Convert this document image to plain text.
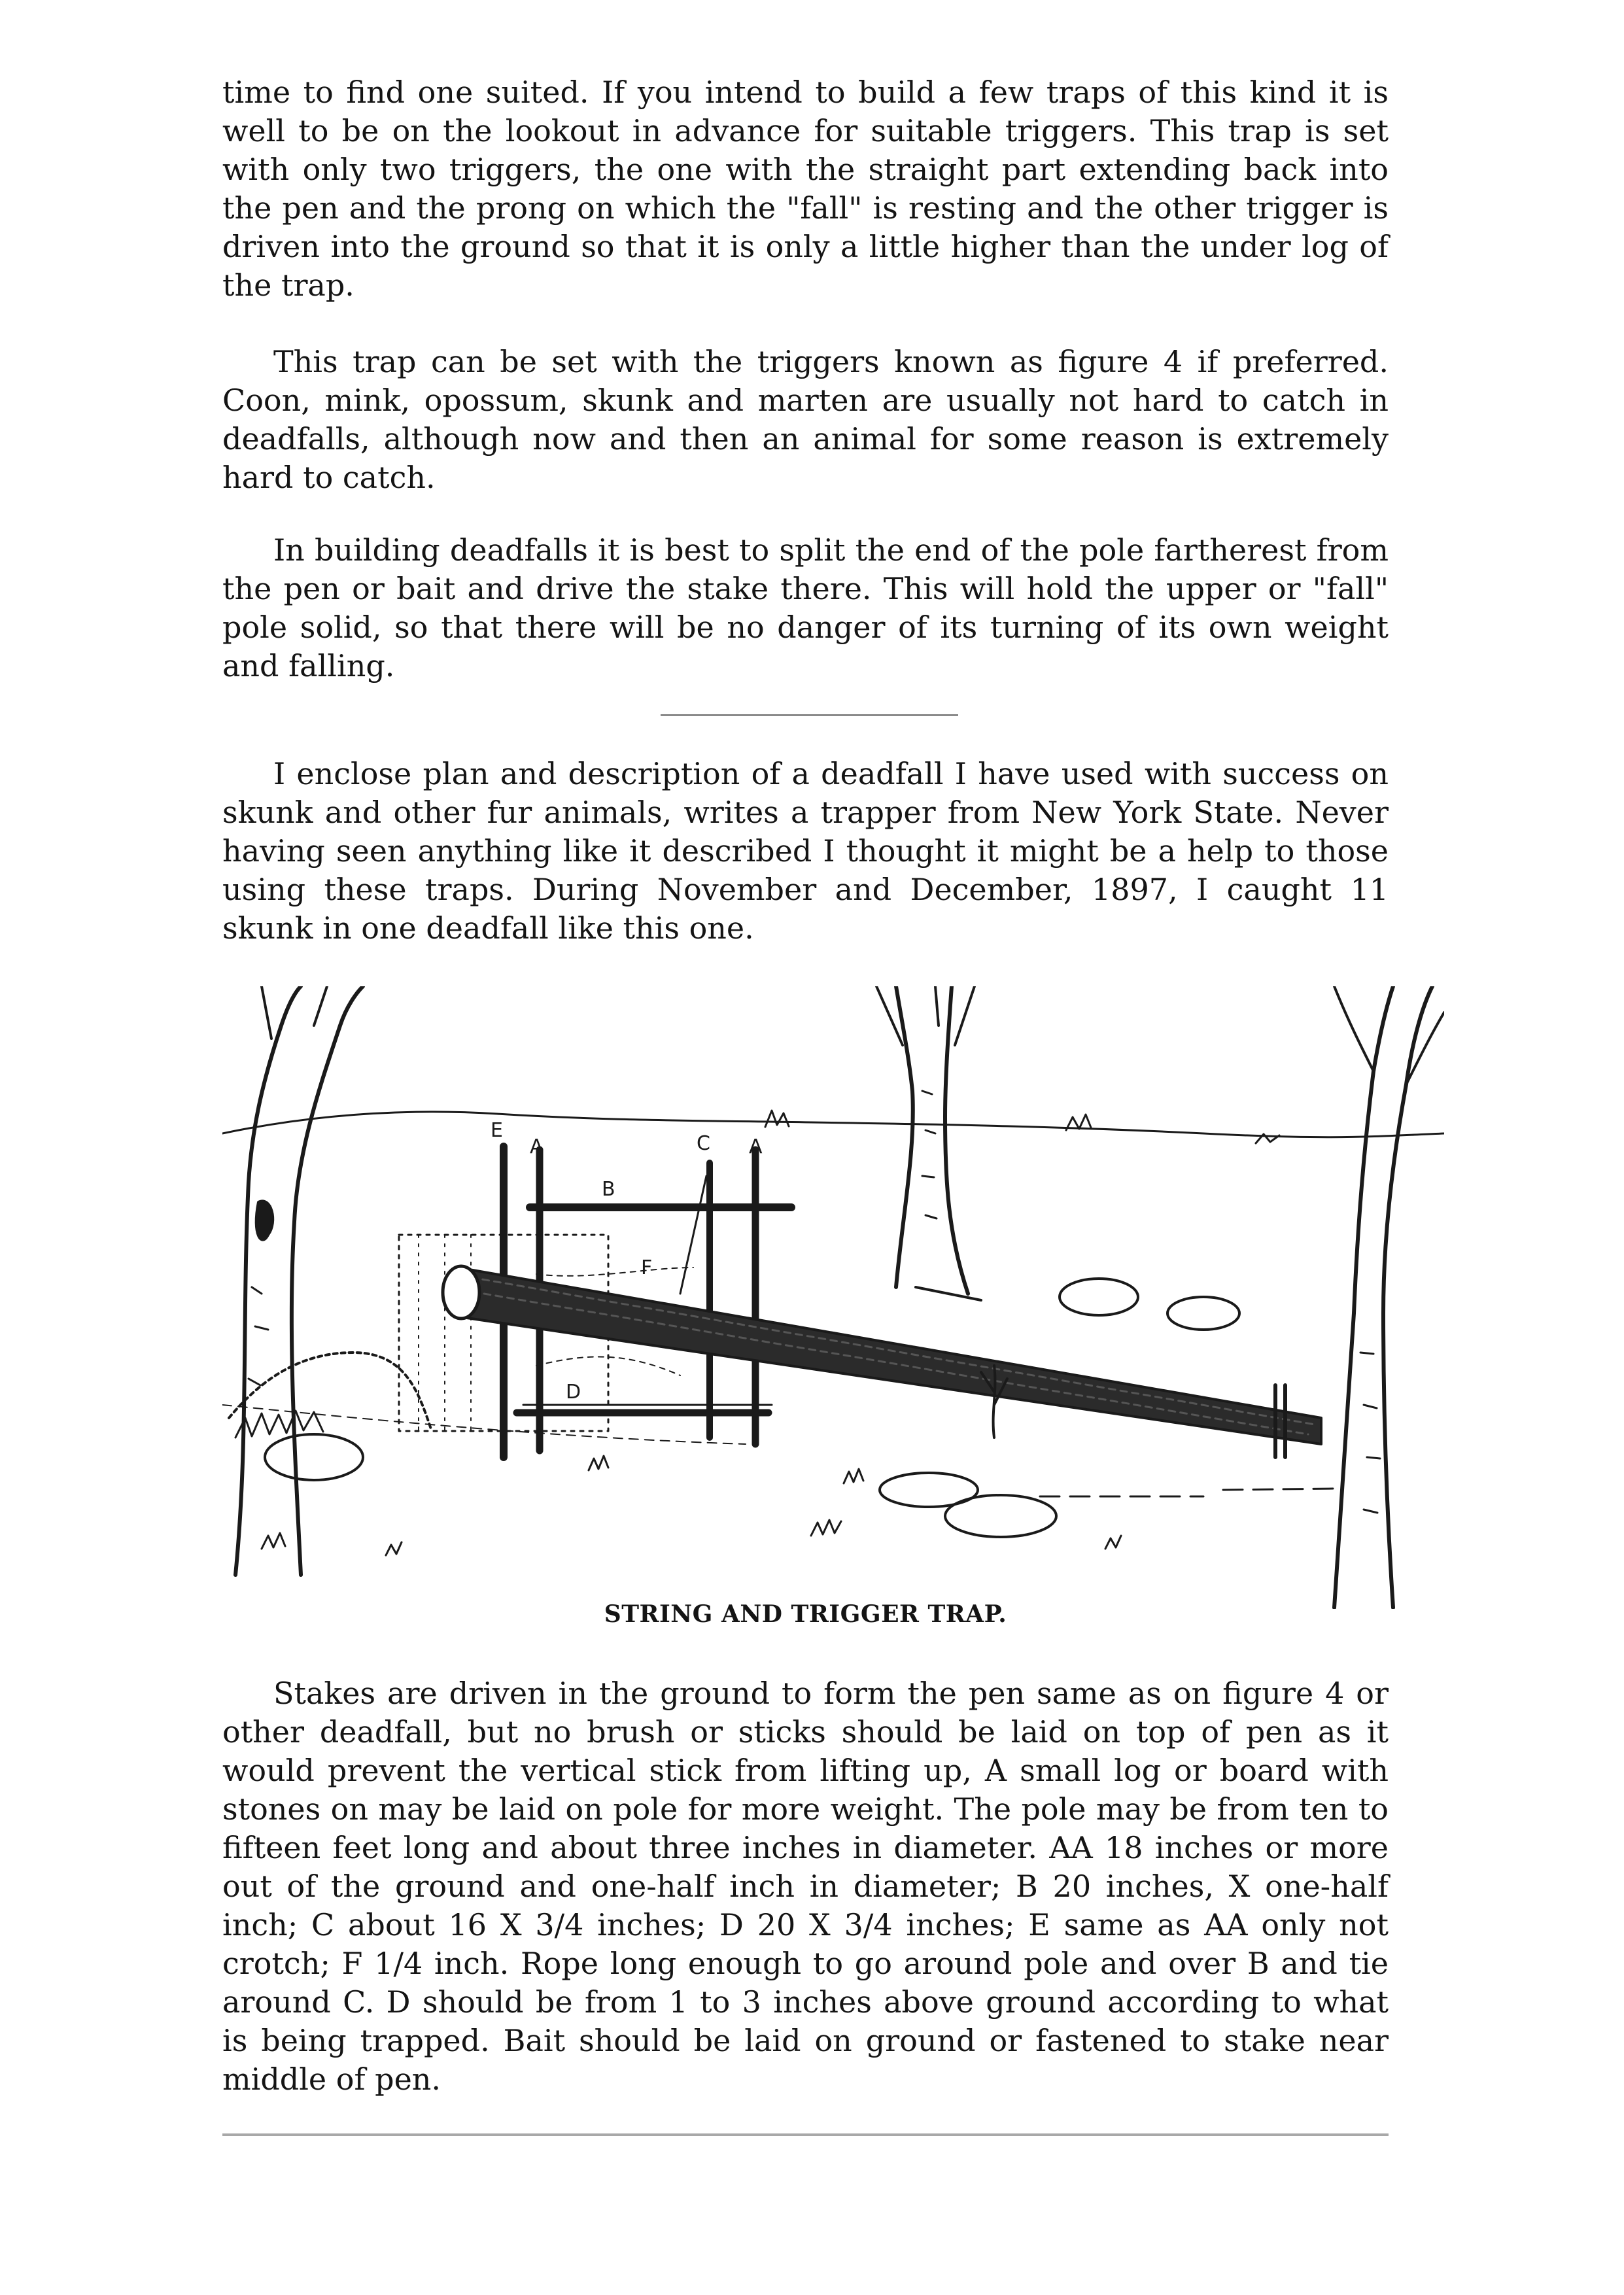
time to find one suited. If you intend to build a few traps of this kind it is well to be on the lookout in advance for suitable triggers. This trap is set with only two triggers, the one with the straight part extending back into the pen and the prong on which the "fall" is resting and the other trigger is driven into the ground so that it is only a little higher than the under log of the trap.

This trap can be set with the triggers known as figure 4 if preferred. Coon, mink, opossum, skunk and marten are usually not hard to catch in deadfalls, although now and then an animal for some reason is extremely hard to catch.

In building deadfalls it is best to split the end of the pole fartherest from the pen or bait and drive the stake there. This will hold the upper or "fall" pole solid, so that there will be no danger of its turning of its own weight and falling.

I enclose plan and description of a deadfall I have used with success on skunk and other fur animals, writes a trapper from New York State. Never having seen anything like it described I thought it might be a help to those using these traps. During November and December, 1897, I caught 11 skunk in one deadfall like this one.

E
A
B
C A
F
D
STRING AND TRIGGER TRAP.

Stakes are driven in the ground to form the pen same as on figure 4 or other deadfall, but no brush or sticks should be laid on top of pen as it would prevent the vertical stick from lifting up, A small log or board with stones on may be laid on pole for more weight. The pole may be from ten to fifteen feet long and about three inches in diameter. AA 18 inches or more out of the ground and one-half inch in diameter; B 20 inches, X one-half inch; C about 16 X 3/4 inches; D 20 X 3/4 inches; E same as AA only not crotch; F 1/4 inch. Rope long enough to go around pole and over B and tie around C. D should be from 1 to 3 inches above ground according to what is being trapped. Bait should be laid on ground or fastened to stake near middle of pen.
